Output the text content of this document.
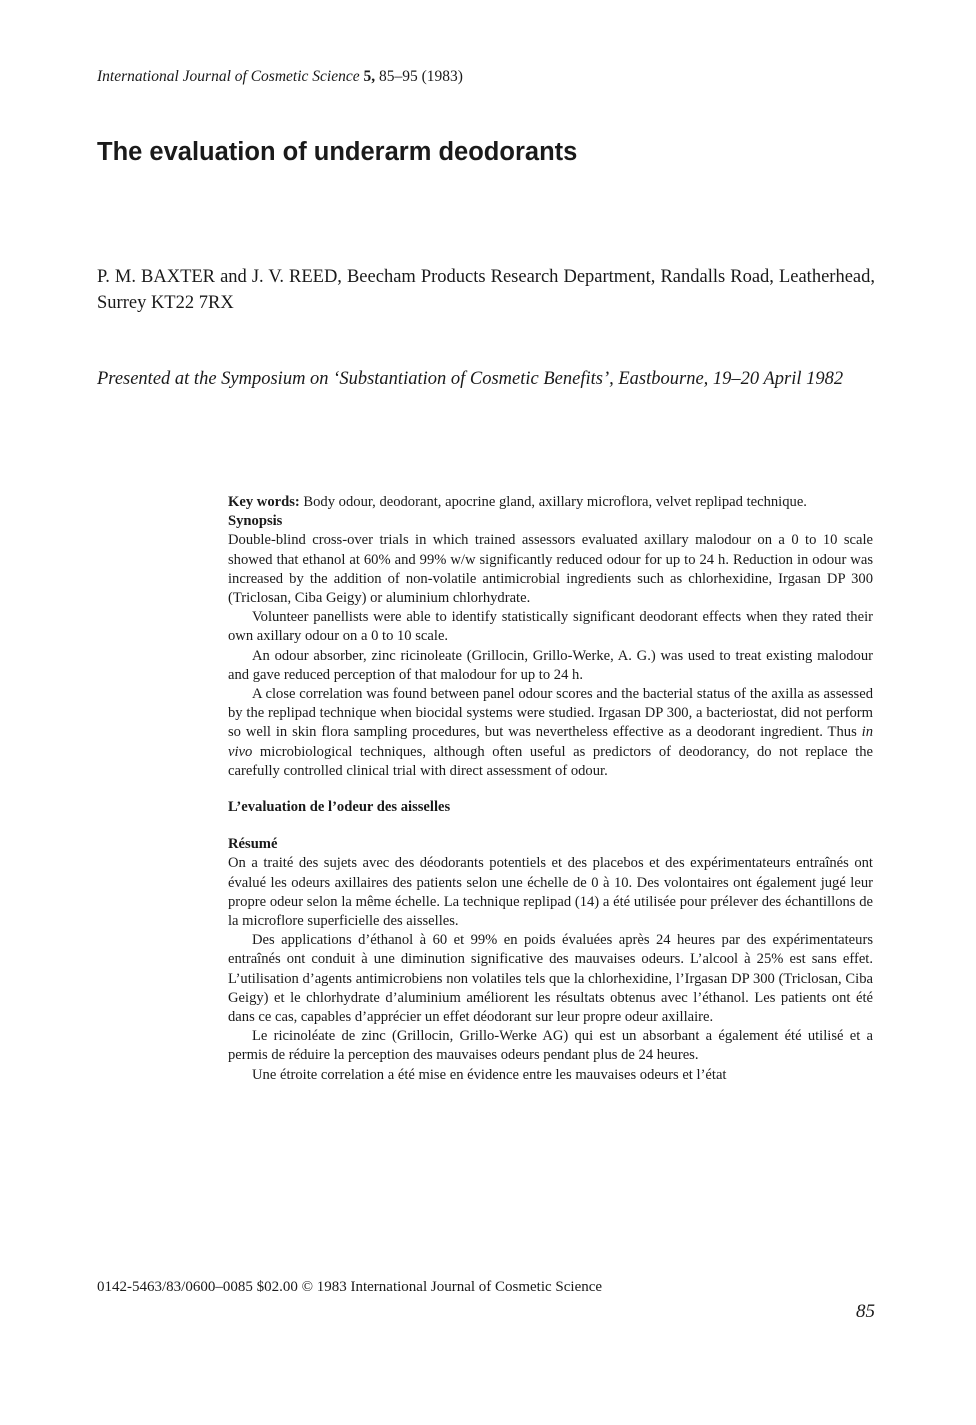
International Journal of Cosmetic Science 5, 85–95 (1983)
The evaluation of underarm deodorants
P. M. BAXTER and J. V. REED, Beecham Products Research Department, Randalls Road, Leatherhead, Surrey KT22 7RX
Presented at the Symposium on ‘Substantiation of Cosmetic Benefits’, Eastbourne, 19–20 April 1982

Key words: Body odour, deodorant, apocrine gland, axillary microflora, velvet replipad technique.

Synopsis

Double-blind cross-over trials in which trained assessors evaluated axillary malodour on a 0 to 10 scale showed that ethanol at 60% and 99% w/w significantly reduced odour for up to 24 h. Reduction in odour was increased by the addition of non-volatile antimicrobial ingredients such as chlorhexidine, Irgasan DP 300 (Triclosan, Ciba Geigy) or aluminium chlorhydrate.

Volunteer panellists were able to identify statistically significant deodorant effects when they rated their own axillary odour on a 0 to 10 scale.

An odour absorber, zinc ricinoleate (Grillocin, Grillo-Werke, A. G.) was used to treat existing malodour and gave reduced perception of that malodour for up to 24 h.

A close correlation was found between panel odour scores and the bacterial status of the axilla as assessed by the replipad technique when biocidal systems were studied. Irgasan DP 300, a bacteriostat, did not perform so well in skin flora sampling procedures, but was nevertheless effective as a deodorant ingredient. Thus in vivo microbiological techniques, although often useful as predictors of deodorancy, do not replace the carefully controlled clinical trial with direct assessment of odour.

L’evaluation de l’odeur des aisselles

Résumé

On a traité des sujets avec des déodorants potentiels et des placebos et des expérimentateurs entraînés ont évalué les odeurs axillaires des patients selon une échelle de 0 à 10. Des volontaires ont également jugé leur propre odeur selon la même échelle. La technique replipad (14) a été utilisée pour prélever des échantillons de la microflore superficielle des aisselles.

Des applications d’éthanol à 60 et 99% en poids évaluées après 24 heures par des expérimentateurs entraînés ont conduit à une diminution significative des mauvaises odeurs. L’alcool à 25% est sans effet. L’utilisation d’agents antimicrobiens non volatiles tels que la chlorhexidine, l’Irgasan DP 300 (Triclosan, Ciba Geigy) et le chlorhydrate d’aluminium améliorent les résultats obtenus avec l’éthanol. Les patients ont été dans ce cas, capables d’apprécier un effet déodorant sur leur propre odeur axillaire.

Le ricinoléate de zinc (Grillocin, Grillo-Werke AG) qui est un absorbant a également été utilisé et a permis de réduire la perception des mauvaises odeurs pendant plus de 24 heures.

Une étroite correlation a été mise en évidence entre les mauvaises odeurs et l’état

0142-5463/83/0600–0085 $02.00 © 1983 International Journal of Cosmetic Science
85
